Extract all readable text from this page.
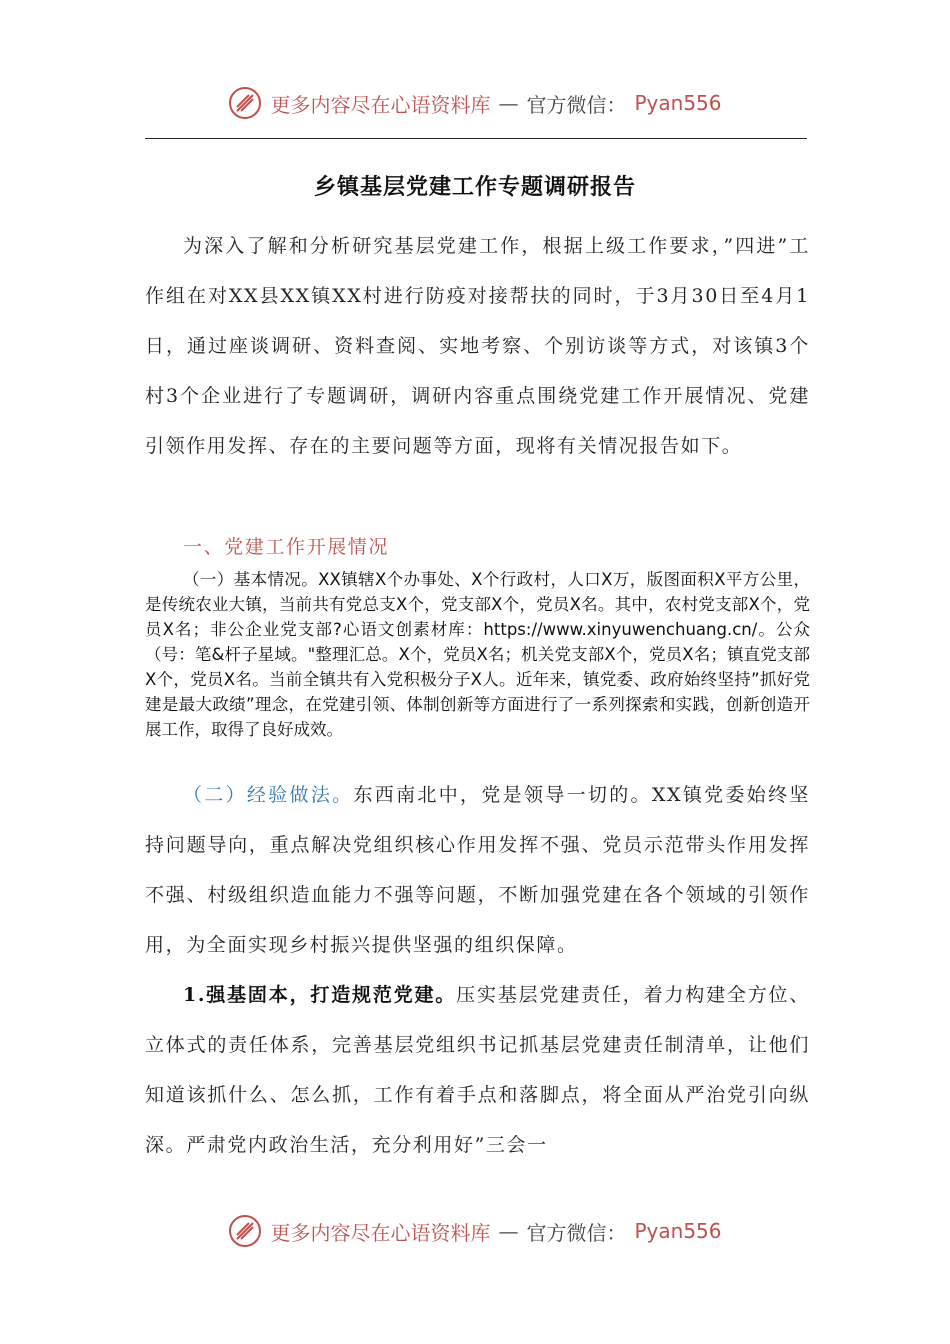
更多内容尽在心语资料库 — 官方微信： Pyan556
乡镇基层党建工作专题调研报告
为深入了解和分析研究基层党建工作，根据上级工作要求，”四进”工作组在对XX县XX镇XX村进行防疫对接帮扶的同时，于3月30日至4月1日，通过座谈调研、资料查阅、实地考察、个别访谈等方式，对该镇3个村3个企业进行了专题调研，调研内容重点围绕党建工作开展情况、党建引领作用发挥、存在的主要问题等方面，现将有关情况报告如下。
一、党建工作开展情况
（一）基本情况。XX镇辖X个办事处、X个行政村，人口X万，版图面积X平方公里，是传统农业大镇，当前共有党总支X个，党支部X个，党员X名。其中，农村党支部X个，党员X名；非公企业党支部?心语文创素材库：https://www.xinyuwenchuang.cn/。公众（号：笔&杆子星域。"整理汇总。X个，党员X名；机关党支部X个，党员X名；镇直党支部X个，党员X名。当前全镇共有入党积极分子X人。近年来，镇党委、政府始终坚持”抓好党建是最大政绩”理念，在党建引领、体制创新等方面进行了一系列探索和实践，创新创造开展工作，取得了良好成效。
（二）经验做法。东西南北中，党是领导一切的。XX镇党委始终坚持问题导向，重点解决党组织核心作用发挥不强、党员示范带头作用发挥不强、村级组织造血能力不强等问题，不断加强党建在各个领域的引领作用，为全面实现乡村振兴提供坚强的组织保障。
1.强基固本，打造规范党建。压实基层党建责任，着力构建全方位、立体式的责任体系，完善基层党组织书记抓基层党建责任制清单，让他们知道该抓什么、怎么抓，工作有着手点和落脚点，将全面从严治党引向纵深。严肃党内政治生活，充分利用好”三会一
更多内容尽在心语资料库 — 官方微信： Pyan556
